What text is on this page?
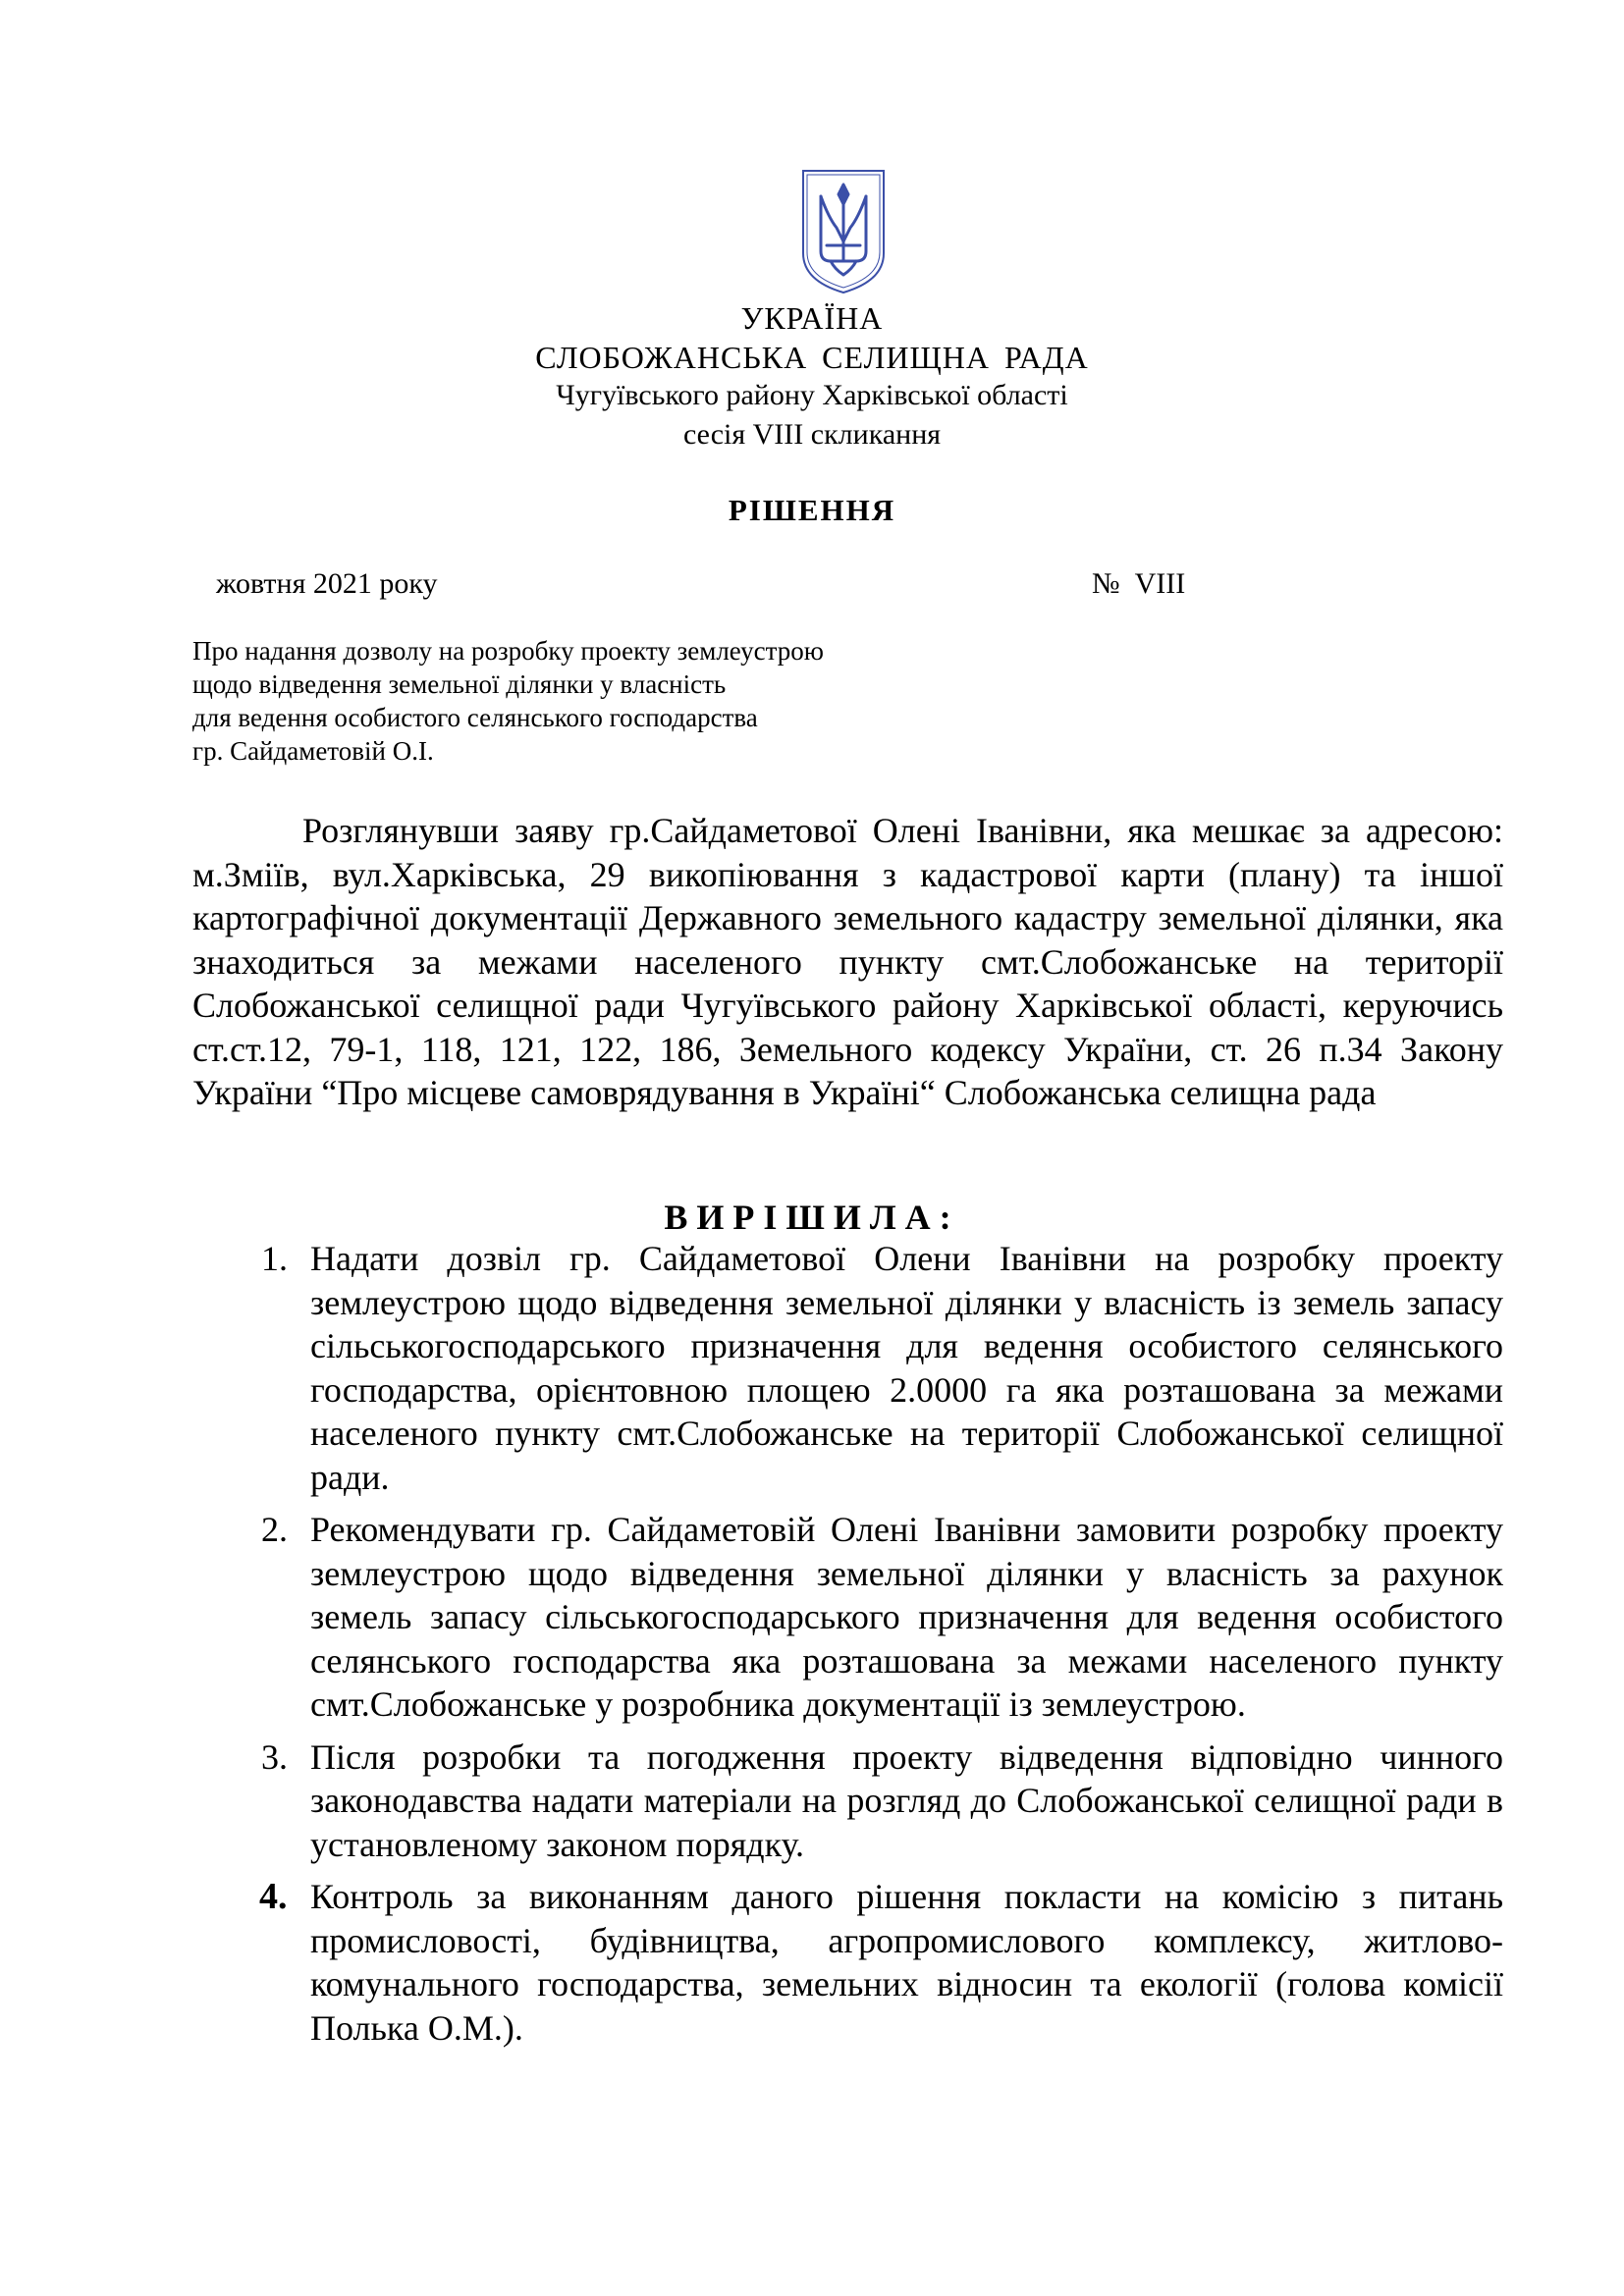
УКРАЇНА
СЛОБОЖАНСЬКА СЕЛИЩНА РАДА
Чугуївського району Харківської області
сесія VIII скликання
РІШЕННЯ
жовтня 2021 року	№ VIII
Про надання дозволу на розробку проекту землеустрою
щодо відведення земельної ділянки у власність
для ведення особистого селянського господарства
гр. Сайдаметовій О.І.

Розглянувши заяву гр.Сайдаметової Олені Іванівни, яка мешкає за адресою: м.Зміїв, вул.Харківська, 29 викопіювання з кадастрової карти (плану) та іншої картографічної документації Державного земельного кадастру земельної ділянки, яка знаходиться за межами населеного пункту смт.Слобожанське на території Слобожанської селищної ради Чугуївського району Харківської області, керуючись ст.ст.12, 79-1, 118, 121, 122, 186, Земельного кодексу України, ст. 26 п.34 Закону України “Про місцеве самоврядування в Україні“ Слобожанська селищна рада

ВИРІШИЛА:
1. Надати дозвіл гр. Сайдаметової Олени Іванівни на розробку проекту землеустрою щодо відведення земельної ділянки у власність із земель запасу сільськогосподарського призначення для ведення особистого селянського господарства, орієнтовною площею 2.0000 га яка розташована за межами населеного пункту смт.Слобожанське на території Слобожанської селищної ради.

2. Рекомендувати гр. Сайдаметовій Олені Іванівни замовити розробку проекту землеустрою щодо відведення земельної ділянки у власність за рахунок земель запасу сільськогосподарського призначення для ведення особистого селянського господарства яка розташована за межами населеного пункту смт.Слобожанське у розробника документації із землеустрою.

3. Після розробки та погодження проекту відведення відповідно чинного законодавства надати матеріали на розгляд до Слобожанської селищної ради в установленому законом порядку.

4. Контроль за виконанням даного рішення покласти на комісію з питань промисловості, будівництва, агропромислового комплексу, житлово-комунального господарства, земельних відносин та екології (голова комісії Полька О.М.).
